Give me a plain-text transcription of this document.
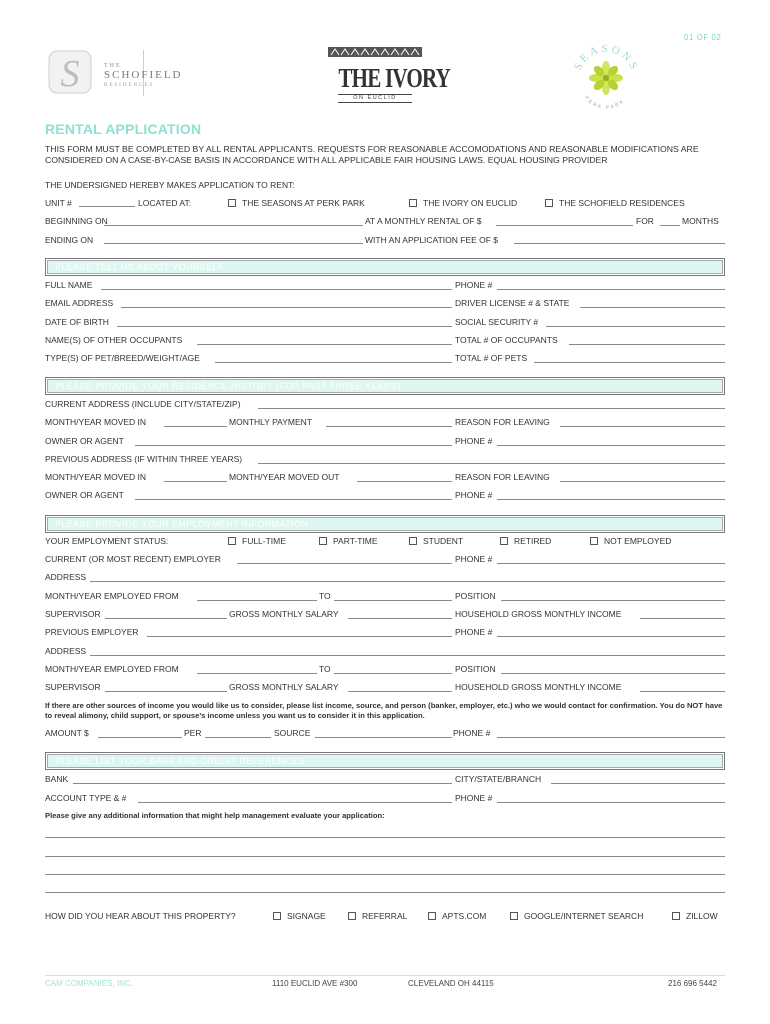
01 OF 02
S	THE
SCHOFIELD
RESIDENCES	THE IVORY
ON EUCLID
SEASONS
PERK PARK
RENTAL APPLICATION
THIS FORM MUST BE COMPLETED BY ALL RENTAL APPLICANTS. REQUESTS FOR REASONABLE ACCOMODATIONS AND REASONABLE MODIFICATIONS ARE CONSIDERED ON A CASE-BY-CASE BASIS IN ACCORDANCE WITH ALL APPLICABLE FAIR HOUSING LAWS. EQUAL HOUSING PROVIDER
THE UNDERSIGNED HEREBY MAKES APPLICATION TO RENT:
UNIT #	LOCATED AT:	THE SEASONS AT PERK PARK	THE IVORY ON EUCLID	THE SCHOFIELD RESIDENCES
BEGINNING ON	AT A MONTHLY RENTAL OF $	FOR	MONTHS
ENDING ON	WITH AN APPLICATION FEE OF $
PLEASE TELL US ABOUT YOURSELF
FULL NAME	PHONE #
EMAIL ADDRESS	DRIVER LICENSE # & STATE
DATE OF BIRTH	SOCIAL SECURITY #
NAME(S) OF OTHER OCCUPANTS	TOTAL # OF OCCUPANTS
TYPE(S) OF PET/BREED/WEIGHT/AGE	TOTAL # OF PETS
PLEASE PROVIDE YOUR RESIDENCE HISTORY (FOR PAST THREE YEARS)
CURRENT ADDRESS (INCLUDE CITY/STATE/ZIP)
MONTH/YEAR MOVED IN	MONTHLY PAYMENT	REASON FOR LEAVING
OWNER OR AGENT	PHONE #
PREVIOUS ADDRESS (IF WITHIN THREE YEARS)
MONTH/YEAR MOVED IN	MONTH/YEAR MOVED OUT	REASON FOR LEAVING
OWNER OR AGENT	PHONE #
PLEASE PROVIDE YOUR EMPLOYMENT INFORMATION
YOUR EMPLOYMENT STATUS:	FULL-TIME	PART-TIME	STUDENT	RETIRED	NOT EMPLOYED
CURRENT (OR MOST RECENT) EMPLOYER	PHONE #
ADDRESS
MONTH/YEAR EMPLOYED FROM	TO	POSITION
SUPERVISOR	GROSS MONTHLY SALARY	HOUSEHOLD GROSS MONTHLY INCOME
PREVIOUS EMPLOYER	PHONE #
ADDRESS
MONTH/YEAR EMPLOYED FROM	TO	POSITION
SUPERVISOR	GROSS MONTHLY SALARY	HOUSEHOLD GROSS MONTHLY INCOME
If there are other sources of income you would like us to consider, please list income, source, and person (banker, employer, etc.) who we would contact for confirmation. You do NOT have to reveal alimony, child support, or spouse’s income unless you want us to consider it in this application.
AMOUNT $	PER	SOURCE	PHONE #
PLEASE LIST YOUR BANK AND CREDIT REFERENCES
BANK	CITY/STATE/BRANCH
ACCOUNT TYPE & #	PHONE #
Please give any additional information that might help management evaluate your application:
HOW DID YOU HEAR ABOUT THIS PROPERTY?	SIGNAGE	REFERRAL	APTS.COM	GOOGLE/INTERNET SEARCH	ZILLOW
CAM COMPANIES, INC.	1110 EUCLID AVE #300	CLEVELAND OH 44115	216 696 5442
